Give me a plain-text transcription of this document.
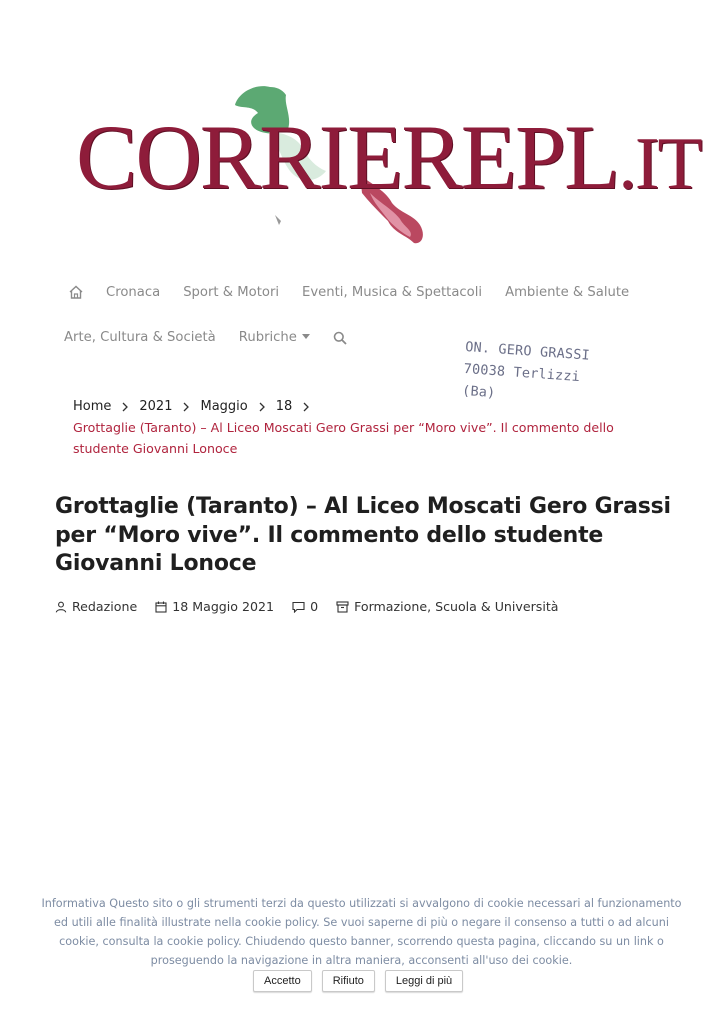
CORRIEREPL.IT
Cronaca Sport & Motori Eventi, Musica & Spettacoli Ambiente & Salute
Arte, Cultura & Società Rubriche
ON. GERO GRASSI
70038 Terlizzi (Ba)
Home 2021 Maggio 18
Grottaglie (Taranto) – Al Liceo Moscati Gero Grassi per “Moro vive”. Il commento dello studente Giovanni Lonoce
Grottaglie (Taranto) – Al Liceo Moscati Gero Grassi per “Moro vive”. Il commento dello studente Giovanni Lonoce
Redazione	18 Maggio 2021	0	Formazione, Scuola & Università
Informativa Questo sito o gli strumenti terzi da questo utilizzati si avvalgono di cookie necessari al funzionamento ed utili alle finalità illustrate nella cookie policy. Se vuoi saperne di più o negare il consenso a tutti o ad alcuni cookie, consulta la cookie policy. Chiudendo questo banner, scorrendo questa pagina, cliccando su un link o proseguendo la navigazione in altra maniera, acconsenti all'uso dei cookie.
Accetto	Rifiuto	Leggi di più
